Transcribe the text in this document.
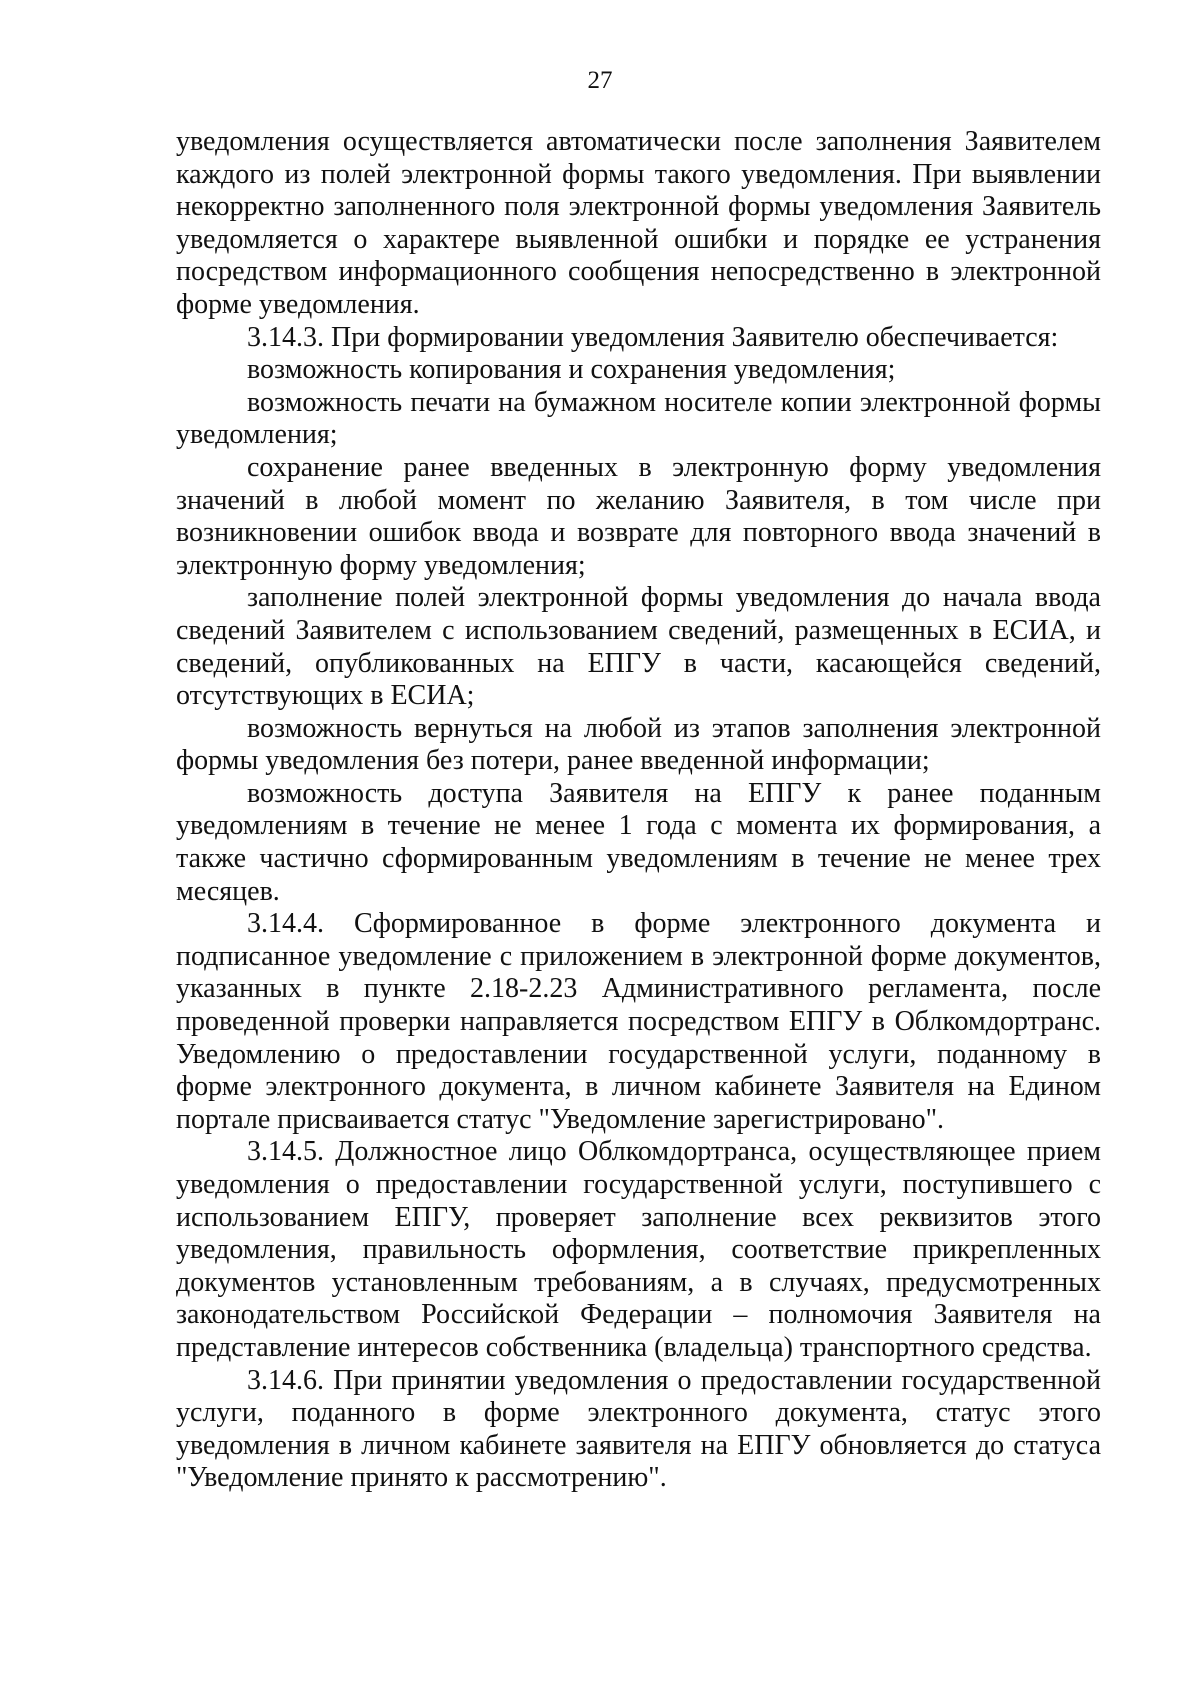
27

уведомления осуществляется автоматически после заполнения Заявителем каждого из полей электронной формы такого уведомления. При выявлении некорректно заполненного поля электронной формы уведомления Заявитель уведомляется о характере выявленной ошибки и порядке ее устранения посредством информационного сообщения непосредственно в электронной форме уведомления.

3.14.3. При формировании уведомления Заявителю обеспечивается:

возможность копирования и сохранения уведомления;

возможность печати на бумажном носителе копии электронной формы уведомления;

сохранение ранее введенных в электронную форму уведомления значений в любой момент по желанию Заявителя, в том числе при возникновении ошибок ввода и возврате для повторного ввода значений в электронную форму уведомления;

заполнение полей электронной формы уведомления до начала ввода сведений Заявителем с использованием сведений, размещенных в ЕСИА, и сведений, опубликованных на ЕПГУ в части, касающейся сведений, отсутствующих в ЕСИА;

возможность вернуться на любой из этапов заполнения электронной формы уведомления без потери, ранее введенной информации;

возможность доступа Заявителя на ЕПГУ к ранее поданным уведомлениям в течение не менее 1 года с момента их формирования, а также частично сформированным уведомлениям в течение не менее трех месяцев.

3.14.4. Сформированное в форме электронного документа и подписанное уведомление с приложением в электронной форме документов, указанных в пункте 2.18-2.23 Административного регламента, после проведенной проверки направляется посредством ЕПГУ в Облкомдортранс. Уведомлению о предоставлении государственной услуги, поданному в форме электронного документа, в личном кабинете Заявителя на Едином портале присваивается статус "Уведомление зарегистрировано".

3.14.5. Должностное лицо Облкомдортранса, осуществляющее прием уведомления о предоставлении государственной услуги, поступившего с использованием ЕПГУ, проверяет заполнение всех реквизитов этого уведомления, правильность оформления, соответствие прикрепленных документов установленным требованиям, а в случаях, предусмотренных законодательством Российской Федерации – полномочия Заявителя на представление интересов собственника (владельца) транспортного средства.

3.14.6. При принятии уведомления о предоставлении государственной услуги, поданного в форме электронного документа, статус этого уведомления в личном кабинете заявителя на ЕПГУ обновляется до статуса "Уведомление принято к рассмотрению".
